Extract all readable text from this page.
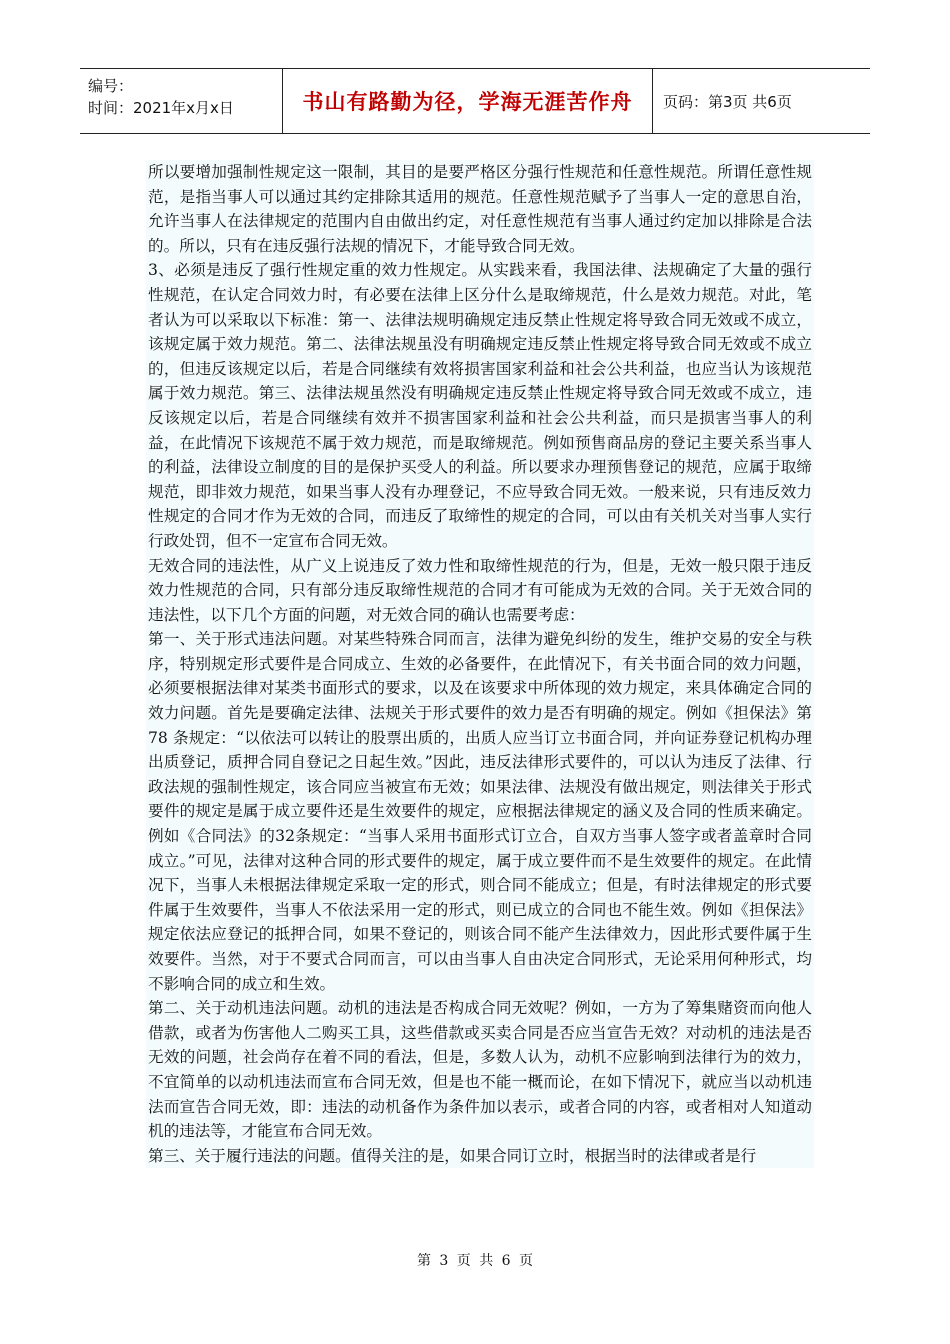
编号：
时间：2021年x月x日	书山有路勤为径，学海无涯苦作舟 页码：第3页 共6页

所以要增加强制性规定这一限制，其目的是要严格区分强行性规范和任意性规范。所谓任意性规范，是指当事人可以通过其约定排除其适用的规范。任意性规范赋予了当事人一定的意思自治，允许当事人在法律规定的范围内自由做出约定，对任意性规范有当事人通过约定加以排除是合法的。所以，只有在违反强行法规的情况下，才能导致合同无效。

3、必须是违反了强行性规定重的效力性规定。从实践来看，我国法律、法规确定了大量的强行性规范，在认定合同效力时，有必要在法律上区分什么是取缔规范，什么是效力规范。对此，笔者认为可以采取以下标准：第一、法律法规明确规定违反禁止性规定将导致合同无效或不成立，该规定属于效力规范。第二、法律法规虽没有明确规定违反禁止性规定将导致合同无效或不成立的，但违反该规定以后，若是合同继续有效将损害国家利益和社会公共利益，也应当认为该规范属于效力规范。第三、法律法规虽然没有明确规定违反禁止性规定将导致合同无效或不成立，违反该规定以后，若是合同继续有效并不损害国家利益和社会公共利益，而只是损害当事人的利益，在此情况下该规范不属于效力规范，而是取缔规范。例如预售商品房的登记主要关系当事人的利益，法律设立制度的目的是保护买受人的利益。所以要求办理预售登记的规范，应属于取缔规范，即非效力规范，如果当事人没有办理登记，不应导致合同无效。一般来说，只有违反效力性规定的合同才作为无效的合同，而违反了取缔性的规定的合同，可以由有关机关对当事人实行行政处罚，但不一定宣布合同无效。

无效合同的违法性，从广义上说违反了效力性和取缔性规范的行为，但是，无效一般只限于违反效力性规范的合同，只有部分违反取缔性规范的合同才有可能成为无效的合同。关于无效合同的违法性，以下几个方面的问题，对无效合同的确认也需要考虑：

第一、关于形式违法问题。对某些特殊合同而言，法律为避免纠纷的发生，维护交易的安全与秩序，特别规定形式要件是合同成立、生效的必备要件，在此情况下，有关书面合同的效力问题，必须要根据法律对某类书面形式的要求，以及在该要求中所体现的效力规定，来具体确定合同的效力问题。首先是要确定法律、法规关于形式要件的效力是否有明确的规定。例如《担保法》第78 条规定：“以依法可以转让的股票出质的，出质人应当订立书面合同，并向证券登记机构办理出质登记，质押合同自登记之日起生效。”因此，违反法律形式要件的，可以认为违反了法律、行政法规的强制性规定，该合同应当被宣布无效；如果法律、法规没有做出规定，则法律关于形式要件的规定是属于成立要件还是生效要件的规定，应根据法律规定的涵义及合同的性质来确定。例如《合同法》的32条规定：“当事人采用书面形式订立合，自双方当事人签字或者盖章时合同成立。”可见，法律对这种合同的形式要件的规定，属于成立要件而不是生效要件的规定。在此情况下，当事人未根据法律规定采取一定的形式，则合同不能成立；但是，有时法律规定的形式要件属于生效要件，当事人不依法采用一定的形式，则已成立的合同也不能生效。例如《担保法》规定依法应登记的抵押合同，如果不登记的，则该合同不能产生法律效力，因此形式要件属于生效要件。当然，对于不要式合同而言，可以由当事人自由决定合同形式，无论采用何种形式，均不影响合同的成立和生效。

第二、关于动机违法问题。动机的违法是否构成合同无效呢？例如，一方为了筹集赌资而向他人借款，或者为伤害他人二购买工具，这些借款或买卖合同是否应当宣告无效？对动机的违法是否无效的问题，社会尚存在着不同的看法，但是，多数人认为，动机不应影响到法律行为的效力，不宜简单的以动机违法而宣布合同无效，但是也不能一概而论，在如下情况下，就应当以动机违法而宣告合同无效，即：违法的动机备作为条件加以表示，或者合同的内容，或者相对人知道动机的违法等，才能宣布合同无效。

第三、关于履行违法的问题。值得关注的是，如果合同订立时，根据当时的法律或者是行

第 3 页 共 6 页
